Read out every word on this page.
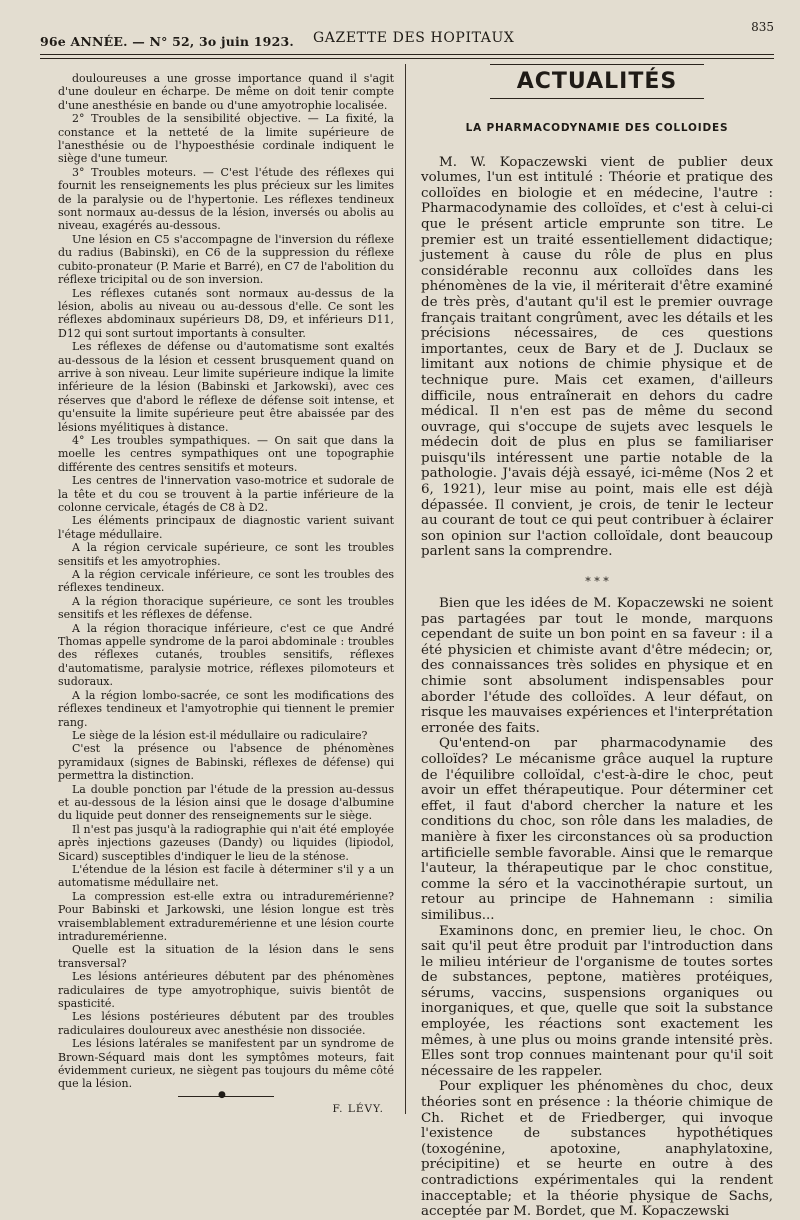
96e ANNÉE. — N° 52, 3o juin 1923. GAZETTE DES HOPITAUX
835

douloureuses a une grosse importance quand il s'agit d'une douleur en écharpe. De même on doit tenir compte d'une anesthésie en bande ou d'une amyotrophie localisée.

2° Troubles de la sensibilité objective. — La fixité, la constance et la netteté de la limite supérieure de l'anesthésie ou de l'hypoesthésie cordinale indiquent le siège d'une tumeur.

3° Troubles moteurs. — C'est l'étude des réflexes qui fournit les renseignements les plus précieux sur les limites de la paralysie ou de l'hypertonie. Les réflexes tendineux sont normaux au-dessus de la lésion, inversés ou abolis au niveau, exagérés au-dessous.

Une lésion en C5 s'accompagne de l'inversion du réflexe du radius (Babinski), en C6 de la suppression du réflexe cubito-pronateur (P. Marie et Barré), en C7 de l'abolition du réflexe tricipital ou de son inversion.

Les réflexes cutanés sont normaux au-dessus de la lésion, abolis au niveau ou au-dessous d'elle. Ce sont les réflexes abdominaux supérieurs D8, D9, et inférieurs D11, D12 qui sont surtout importants à consulter.

Les réflexes de défense ou d'automatisme sont exaltés au-dessous de la lésion et cessent brusquement quand on arrive à son niveau. Leur limite supérieure indique la limite inférieure de la lésion (Babinski et Jarkowski), avec ces réserves que d'abord le réflexe de défense soit intense, et qu'ensuite la limite supérieure peut être abaissée par des lésions myélitiques à distance.

4° Les troubles sympathiques. — On sait que dans la moelle les centres sympathiques ont une topographie différente des centres sensitifs et moteurs.

Les centres de l'innervation vaso-motrice et sudorale de la tête et du cou se trouvent à la partie inférieure de la colonne cervicale, étagés de C8 à D2.

Les éléments principaux de diagnostic varient suivant l'étage médullaire.

A la région cervicale supérieure, ce sont les troubles sensitifs et les amyotrophies.

A la région cervicale inférieure, ce sont les troubles des réflexes tendineux.

A la région thoracique supérieure, ce sont les troubles sensitifs et les réflexes de défense.

A la région thoracique inférieure, c'est ce que André Thomas appelle syndrome de la paroi abdominale : troubles des réflexes cutanés, troubles sensitifs, réflexes d'automatisme, paralysie motrice, réflexes pilomoteurs et sudoraux.

A la région lombo-sacrée, ce sont les modifications des réflexes tendineux et l'amyotrophie qui tiennent le premier rang.

Le siège de la lésion est-il médullaire ou radiculaire?

C'est la présence ou l'absence de phénomènes pyramidaux (signes de Babinski, réflexes de défense) qui permettra la distinction.

La double ponction par l'étude de la pression au-dessus et au-dessous de la lésion ainsi que le dosage d'albumine du liquide peut donner des renseignements sur le siège.

Il n'est pas jusqu'à la radiographie qui n'ait été employée après injections gazeuses (Dandy) ou liquides (lipiodol, Sicard) susceptibles d'indiquer le lieu de la sténose.

L'étendue de la lésion est facile à déterminer s'il y a un automatisme médullaire net.

La compression est-elle extra ou intraduremérienne? Pour Babinski et Jarkowski, une lésion longue est très vraisemblablement extraduremérienne et une lésion courte intraduremérienne.

Quelle est la situation de la lésion dans le sens transversal?

Les lésions antérieures débutent par des phénomènes radiculaires de type amyotrophique, suivis bientôt de spasticité.

Les lésions postérieures débutent par des troubles radiculaires douloureux avec anesthésie non dissociée.

Les lésions latérales se manifestent par un syndrome de Brown-Séquard mais dont les symptômes moteurs, fait évidemment curieux, ne siègent pas toujours du même côté que la lésion.

F. LÉVY.
●
ACTUALITÉS
LA PHARMACODYNAMIE DES COLLOIDES

M. W. Kopaczewski vient de publier deux volumes, l'un est intitulé : Théorie et pratique des colloïdes en biologie et en médecine, l'autre : Pharmacodynamie des colloïdes, et c'est à celui-ci que le présent article emprunte son titre. Le premier est un traité essentiellement didactique; justement à cause du rôle de plus en plus considérable reconnu aux colloïdes dans les phénomènes de la vie, il mériterait d'être examiné de très près, d'autant qu'il est le premier ouvrage français traitant congrûment, avec les détails et les précisions nécessaires, de ces questions importantes, ceux de Bary et de J. Duclaux se limitant aux notions de chimie physique et de technique pure. Mais cet examen, d'ailleurs difficile, nous entraînerait en dehors du cadre médical. Il n'en est pas de même du second ouvrage, qui s'occupe de sujets avec lesquels le médecin doit de plus en plus se familiariser puisqu'ils intéressent une partie notable de la pathologie. J'avais déjà essayé, ici-même (Nos 2 et 6, 1921), leur mise au point, mais elle est déjà dépassée. Il convient, je crois, de tenir le lecteur au courant de tout ce qui peut contribuer à éclairer son opinion sur l'action colloïdale, dont beaucoup parlent sans la comprendre.

* * *

Bien que les idées de M. Kopaczewski ne soient pas partagées par tout le monde, marquons cependant de suite un bon point en sa faveur : il a été physicien et chimiste avant d'être médecin; or, des connaissances très solides en physique et en chimie sont absolument indispensables pour aborder l'étude des colloïdes. A leur défaut, on risque les mauvaises expériences et l'interprétation erronée des faits.

Qu'entend-on par pharmacodynamie des colloïdes? Le mécanisme grâce auquel la rupture de l'équilibre colloïdal, c'est-à-dire le choc, peut avoir un effet thérapeutique. Pour déterminer cet effet, il faut d'abord chercher la nature et les conditions du choc, son rôle dans les maladies, de manière à fixer les circonstances où sa production artificielle semble favorable. Ainsi que le remarque l'auteur, la thérapeutique par le choc constitue, comme la séro et la vaccinothérapie surtout, un retour au principe de Hahnemann : similia similibus...

Examinons donc, en premier lieu, le choc. On sait qu'il peut être produit par l'introduction dans le milieu intérieur de l'organisme de toutes sortes de substances, peptone, matières protéiques, sérums, vaccins, suspensions organiques ou inorganiques, et que, quelle que soit la substance employée, les réactions sont exactement les mêmes, à une plus ou moins grande intensité près. Elles sont trop connues maintenant pour qu'il soit nécessaire de les rappeler.

Pour expliquer les phénomènes du choc, deux théories sont en présence : la théorie chimique de Ch. Richet et de Friedberger, qui invoque l'existence de substances hypothétiques (toxogénine, apotoxine, anaphylatoxine, précipitine) et se heurte en outre à des contradictions expérimentales qui la rendent inacceptable; et la théorie physique de Sachs, acceptée par M. Bordet, que M. Kopaczewski
